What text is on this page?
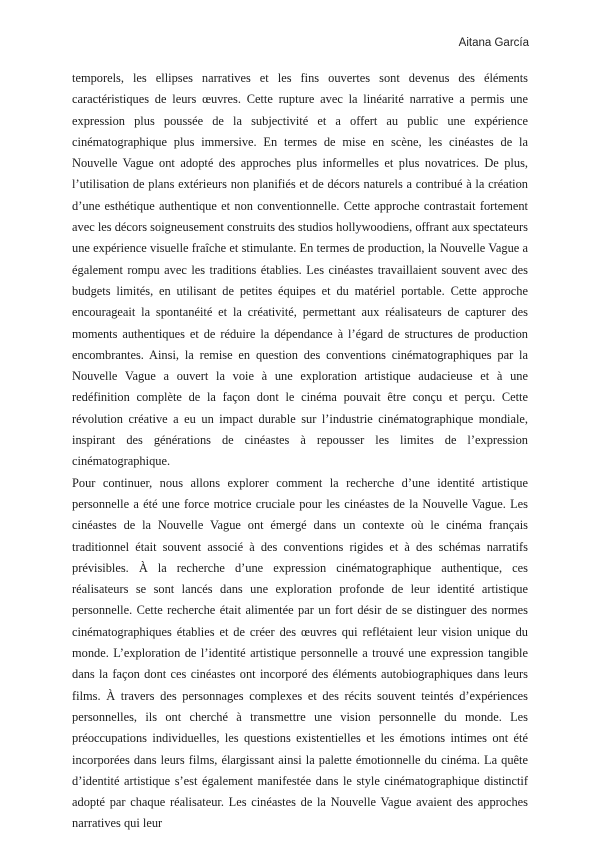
Aitana García

temporels, les ellipses narratives et les fins ouvertes sont devenus des éléments caractéristiques de leurs œuvres. Cette rupture avec la linéarité narrative a permis une expression plus poussée de la subjectivité et a offert au public une expérience cinématographique plus immersive. En termes de mise en scène, les cinéastes de la Nouvelle Vague ont adopté des approches plus informelles et plus novatrices. De plus, l’utilisation de plans extérieurs non planifiés et de décors naturels a contribué à la création d’une esthétique authentique et non conventionnelle. Cette approche contrastait fortement avec les décors soigneusement construits des studios hollywoodiens, offrant aux spectateurs une expérience visuelle fraîche et stimulante. En termes de production, la Nouvelle Vague a également rompu avec les traditions établies. Les cinéastes travaillaient souvent avec des budgets limités, en utilisant de petites équipes et du matériel portable. Cette approche encourageait la spontanéité et la créativité, permettant aux réalisateurs de capturer des moments authentiques et de réduire la dépendance à l’égard de structures de production encombrantes. Ainsi, la remise en question des conventions cinématographiques par la Nouvelle Vague a ouvert la voie à une exploration artistique audacieuse et à une redéfinition complète de la façon dont le cinéma pouvait être conçu et perçu. Cette révolution créative a eu un impact durable sur l’industrie cinématographique mondiale, inspirant des générations de cinéastes à repousser les limites de l’expression cinématographique.

Pour continuer, nous allons explorer comment la recherche d’une identité artistique personnelle a été une force motrice cruciale pour les cinéastes de la Nouvelle Vague. Les cinéastes de la Nouvelle Vague ont émergé dans un contexte où le cinéma français traditionnel était souvent associé à des conventions rigides et à des schémas narratifs prévisibles. À la recherche d’une expression cinématographique authentique, ces réalisateurs se sont lancés dans une exploration profonde de leur identité artistique personnelle. Cette recherche était alimentée par un fort désir de se distinguer des normes cinématographiques établies et de créer des œuvres qui reflétaient leur vision unique du monde. L’exploration de l’identité artistique personnelle a trouvé une expression tangible dans la façon dont ces cinéastes ont incorporé des éléments autobiographiques dans leurs films. À travers des personnages complexes et des récits souvent teintés d’expériences personnelles, ils ont cherché à transmettre une vision personnelle du monde. Les préoccupations individuelles, les questions existentielles et les émotions intimes ont été incorporées dans leurs films, élargissant ainsi la palette émotionnelle du cinéma. La quête d’identité artistique s’est également manifestée dans le style cinématographique distinctif adopté par chaque réalisateur. Les cinéastes de la Nouvelle Vague avaient des approches narratives qui leur
